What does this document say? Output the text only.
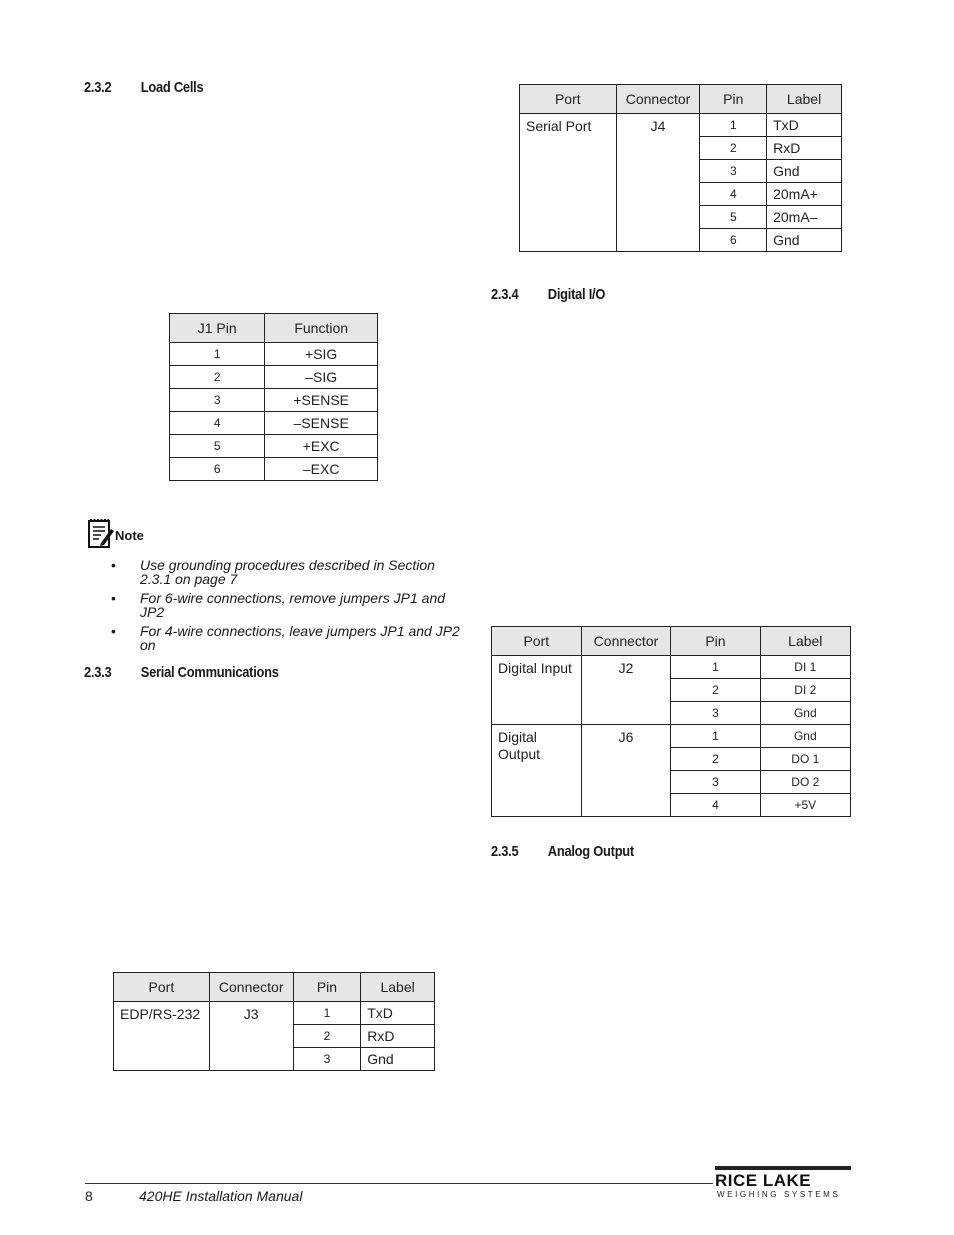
2.3.2 Load Cells
2.3.3 Serial Communications
2.3.4 Digital I/O
2.3.5 Analog Output
J1 Pin	Function
1	+SIG
2	–SIG
3	+SENSE
4	–SENSE
5	+EXC
6	–EXC
Note
• Use grounding procedures described in Section 2.3.1 on page 7
• For 6-wire connections, remove jumpers JP1 and JP2
• For 4-wire connections, leave jumpers JP1 and JP2 on
Port	Connector	Pin	Label
EDP/RS-232	J3	1	TxD
		2	RxD
		3	Gnd
Port	Connector	Pin	Label
Serial Port	J4	1	TxD
		2	RxD
		3	Gnd
		4	20mA+
		5	20mA–
		6	Gnd
Port	Connector	Pin	Label
Digital Input	J2	1	DI 1
		2	DI 2
		3	Gnd
Digital Output	J6	1	Gnd
		2	DO 1
		3	DO 2
		4	+5V
8	420HE Installation Manual
RICE LAKE
WEIGHING SYSTEMS
